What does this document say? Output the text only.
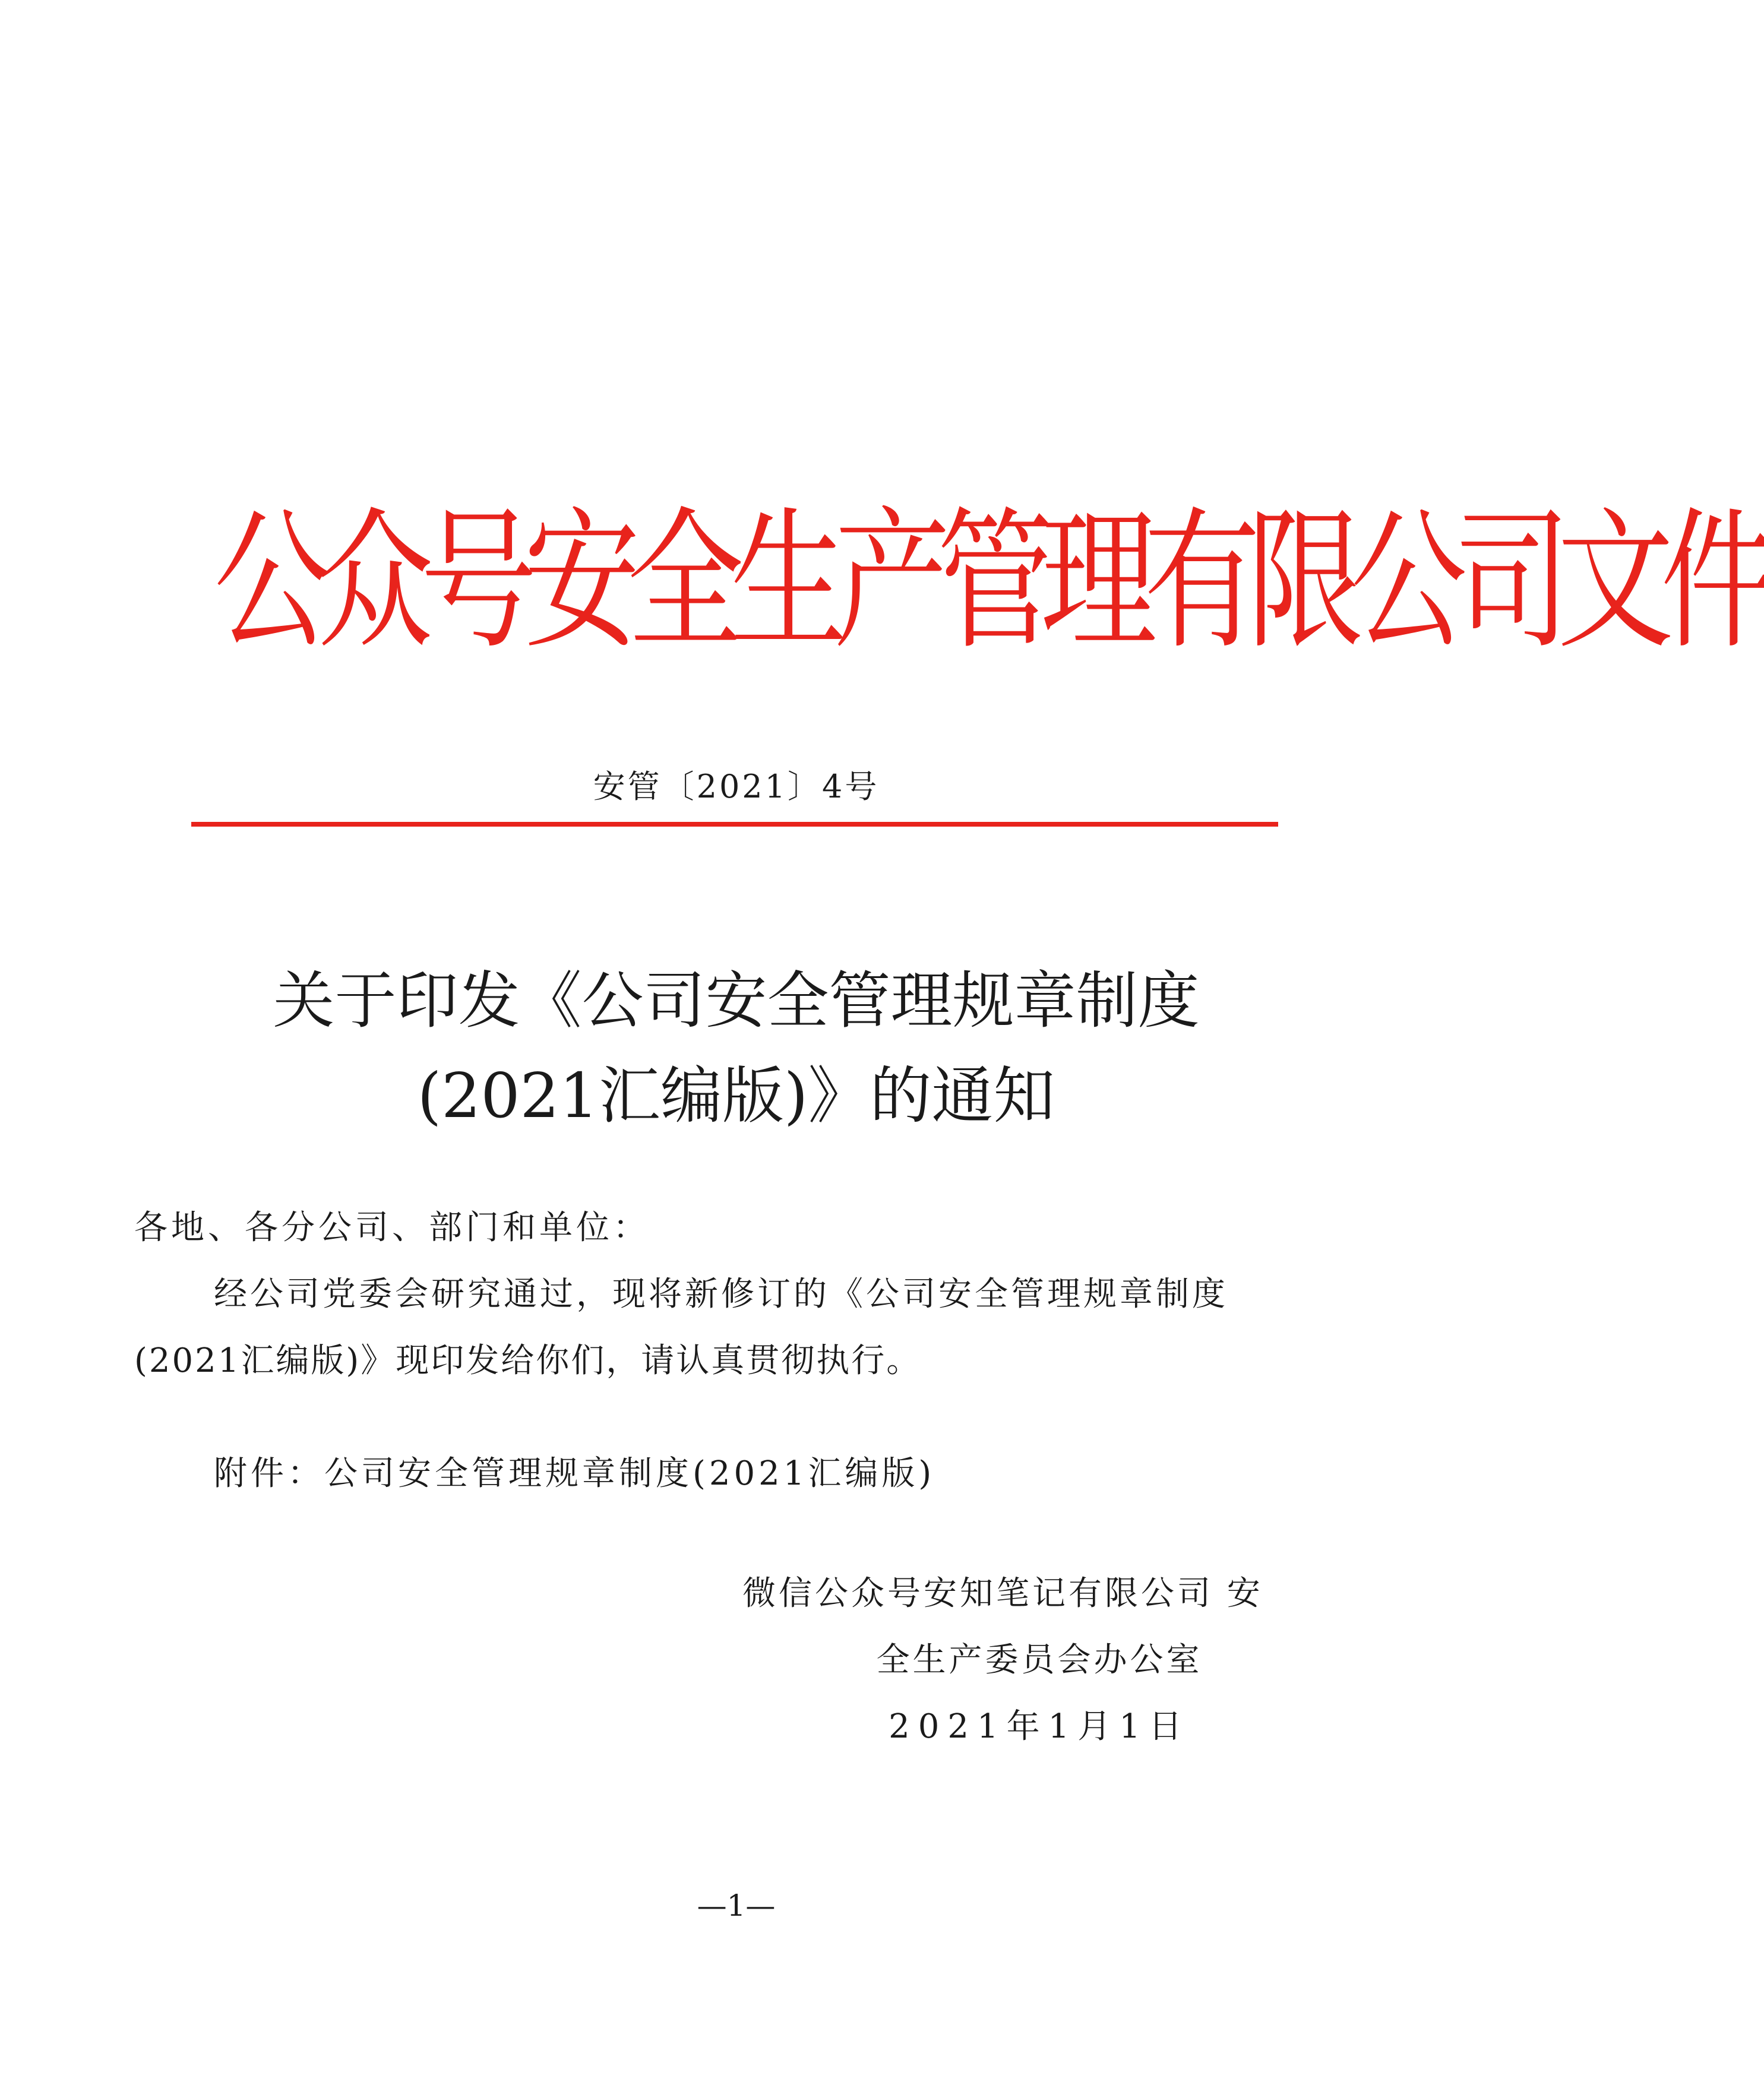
公众号安全生产管理有限公司文件
安管〔2021〕4号
关于印发《公司安全管理规章制度
(2021汇编版)》的通知
各地、各分公司、部门和单位：
经公司党委会研究通过，现将新修订的《公司安全管理规章制度
(2021汇编版)》现印发给你们，请认真贯彻执行。
附件：公司安全管理规章制度(2021汇编版)
微信公众号安知笔记有限公司 安
全生产委员会办公室
2021年1月1日
—1—
